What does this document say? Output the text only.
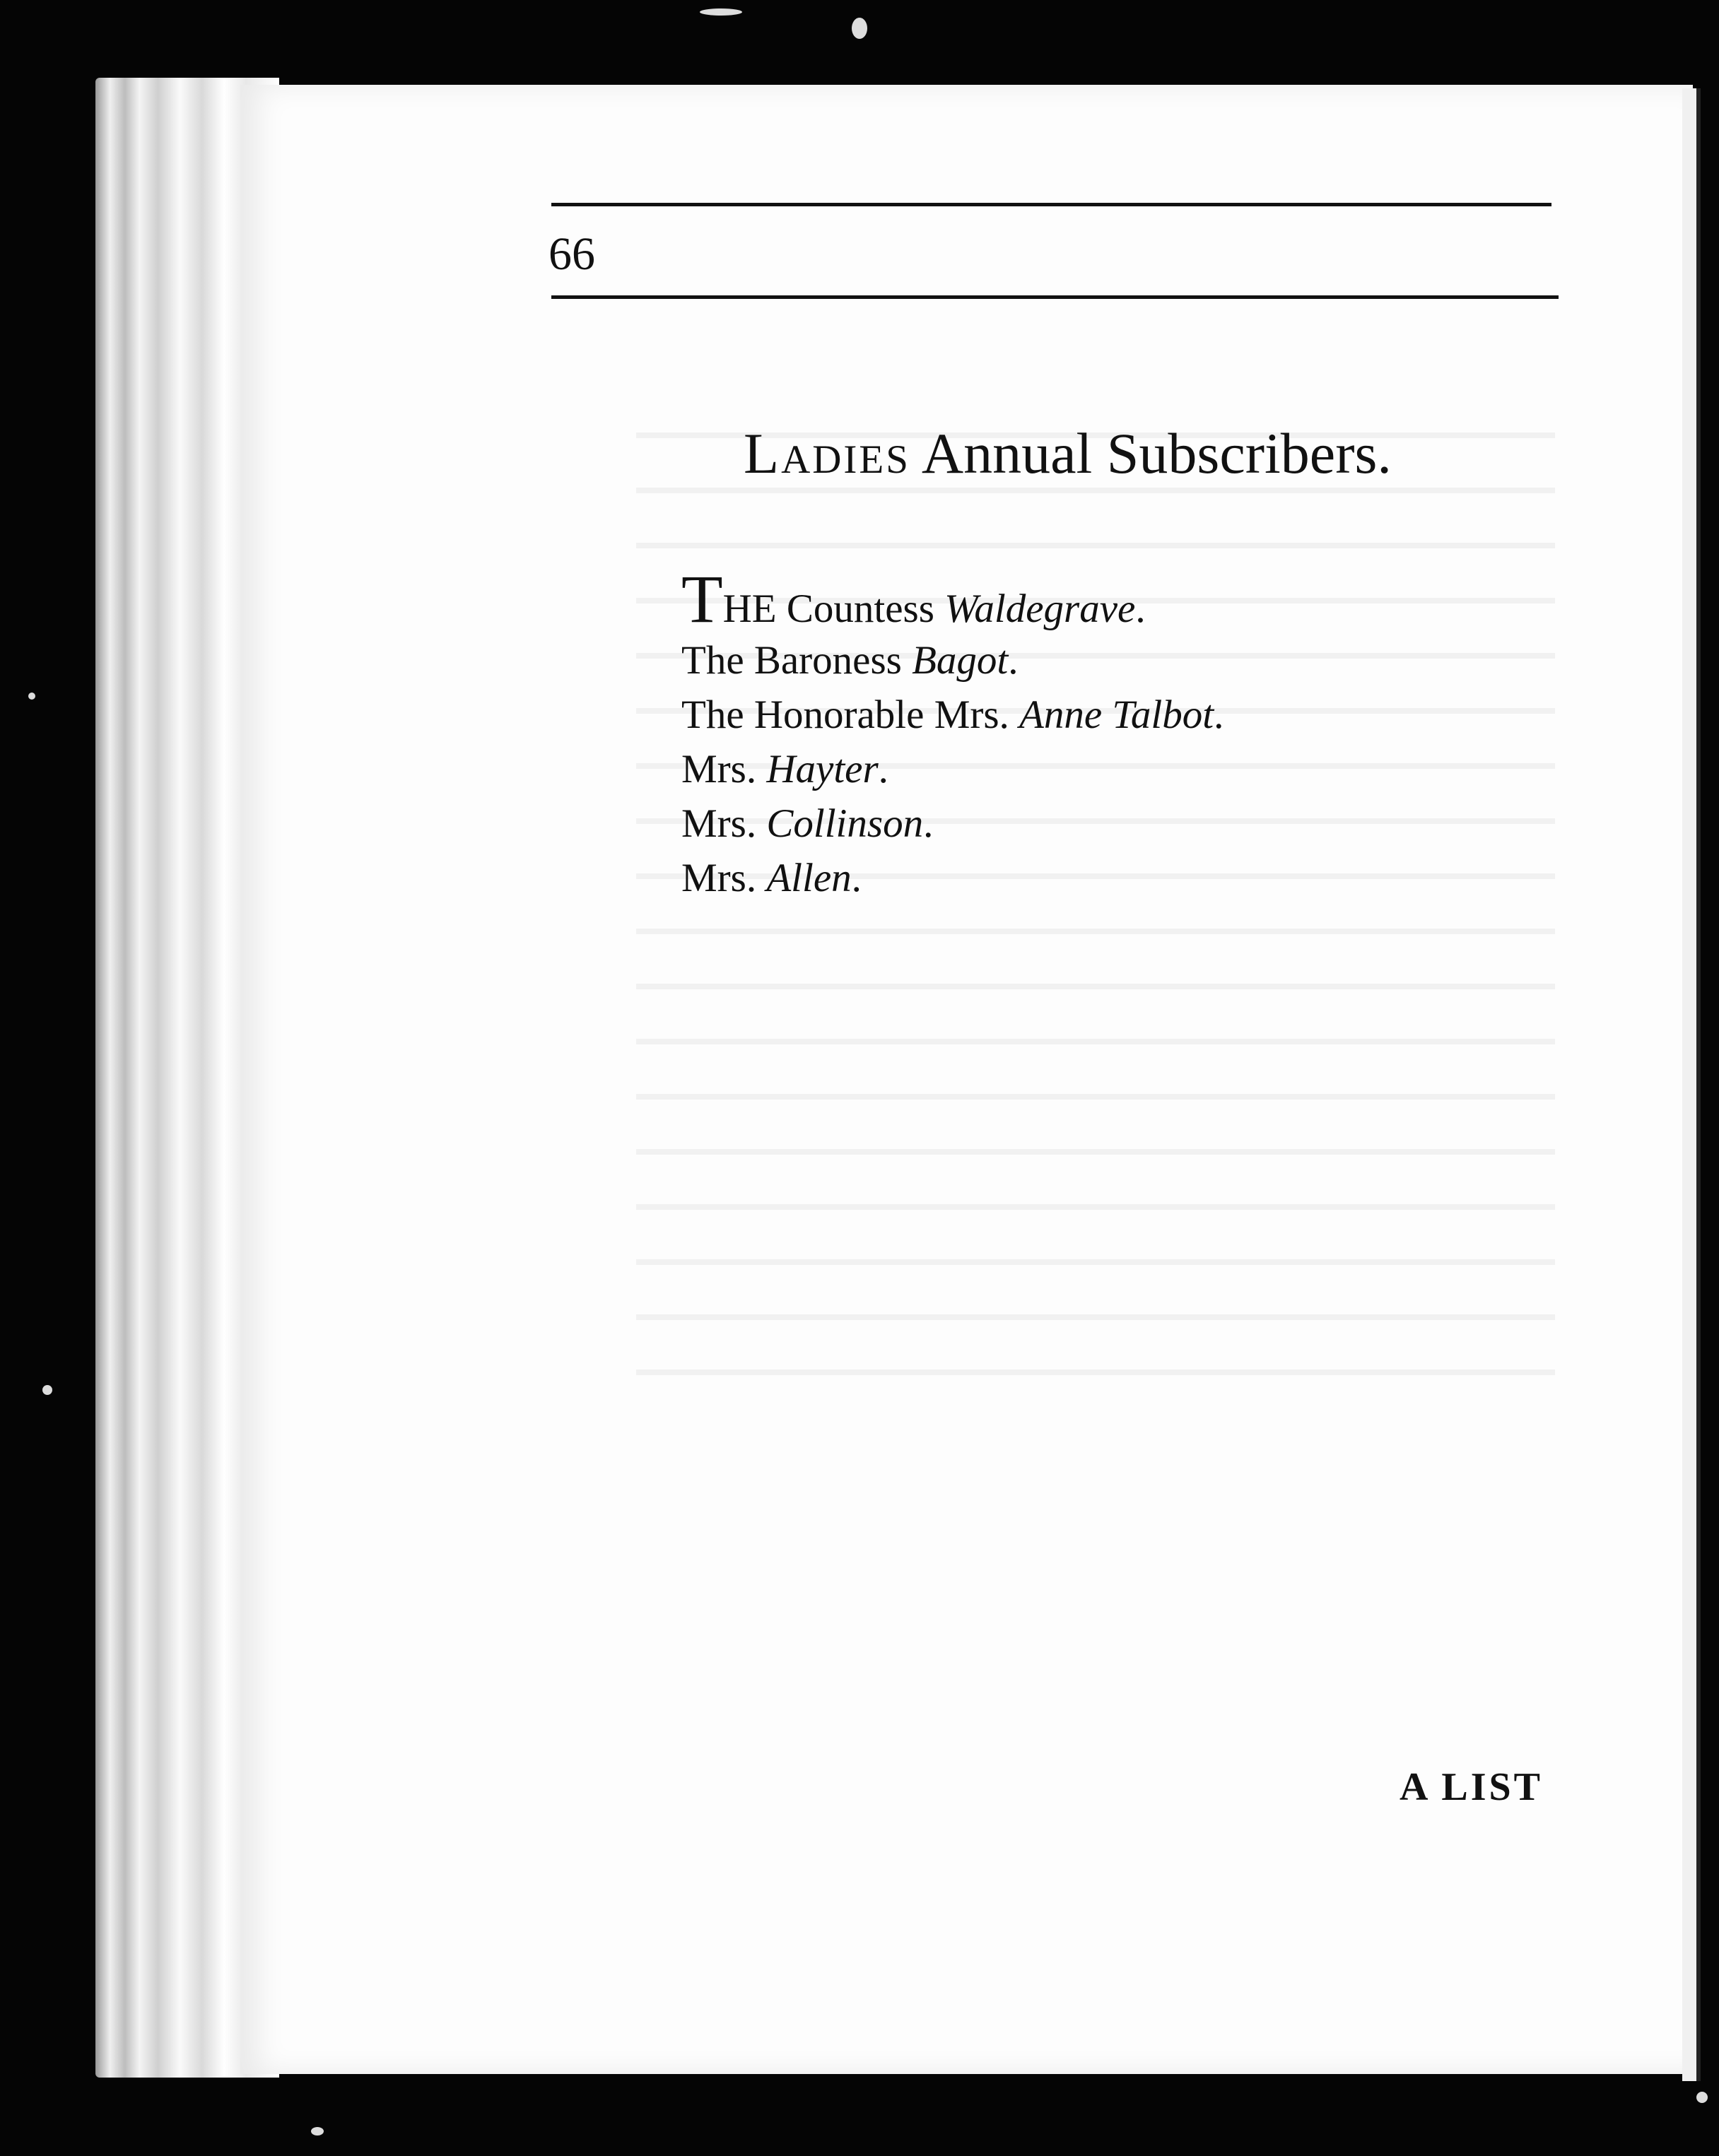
66
Ladies Annual Subscribers.
THE Countess Waldegrave.
The Baroness Bagot.
The Honorable Mrs. Anne Talbot.
Mrs. Hayter.
Mrs. Collinson.
Mrs. Allen.
A LIST
